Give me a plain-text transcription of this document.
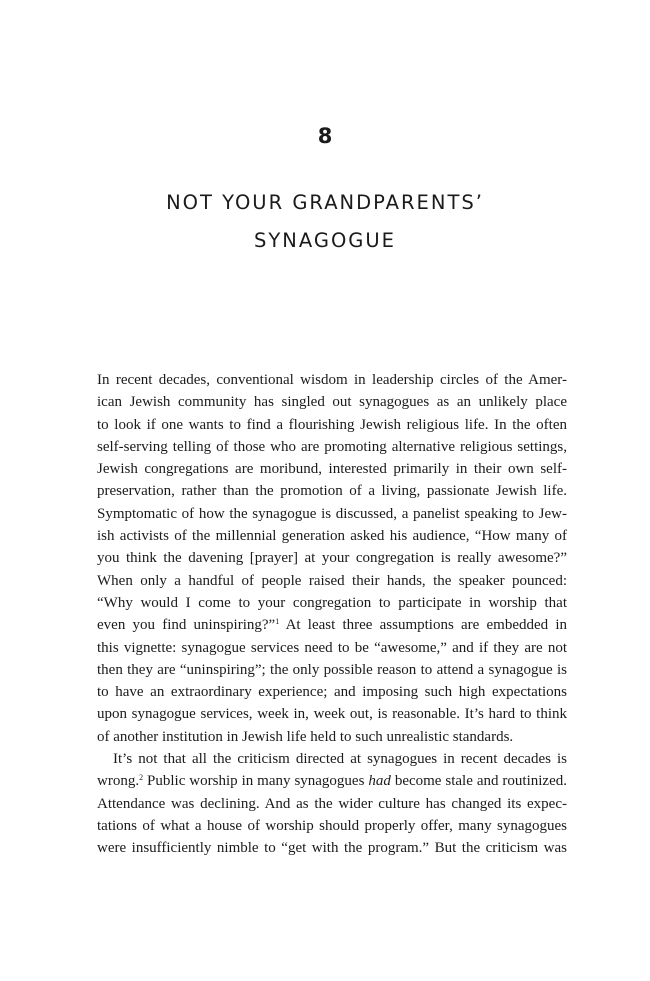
8
NOT YOUR GRANDPARENTS’
SYNAGOGUE
In recent decades, conventional wisdom in leadership circles of the Amer-
ican Jewish community has singled out synagogues as an unlikely place
to look if one wants to find a flourishing Jewish religious life. In the often
self-serving telling of those who are promoting alternative religious settings,
Jewish congregations are moribund, interested primarily in their own self-
preservation, rather than the promotion of a living, passionate Jewish life.
Symptomatic of how the synagogue is discussed, a panelist speaking to Jew-
ish activists of the millennial generation asked his audience, “How many of
you think the davening [prayer] at your congregation is really awesome?”
When only a handful of people raised their hands, the speaker pounced:
“Why would I come to your congregation to participate in worship that
even you find uninspiring?”$^1$ At least three assumptions are embedded in
this vignette: synagogue services need to be “awesome,” and if they are not
then they are “uninspiring”; the only possible reason to attend a synagogue is
to have an extraordinary experience; and imposing such high expectations
upon synagogue services, week in, week out, is reasonable. It’s hard to think
of another institution in Jewish life held to such unrealistic standards.
It’s not that all the criticism directed at synagogues in recent decades is
wrong.$^2$ Public worship in many synagogues had become stale and routinized.
Attendance was declining. And as the wider culture has changed its expec-
tations of what a house of worship should properly offer, many synagogues
were insufficiently nimble to “get with the program.” But the criticism was
